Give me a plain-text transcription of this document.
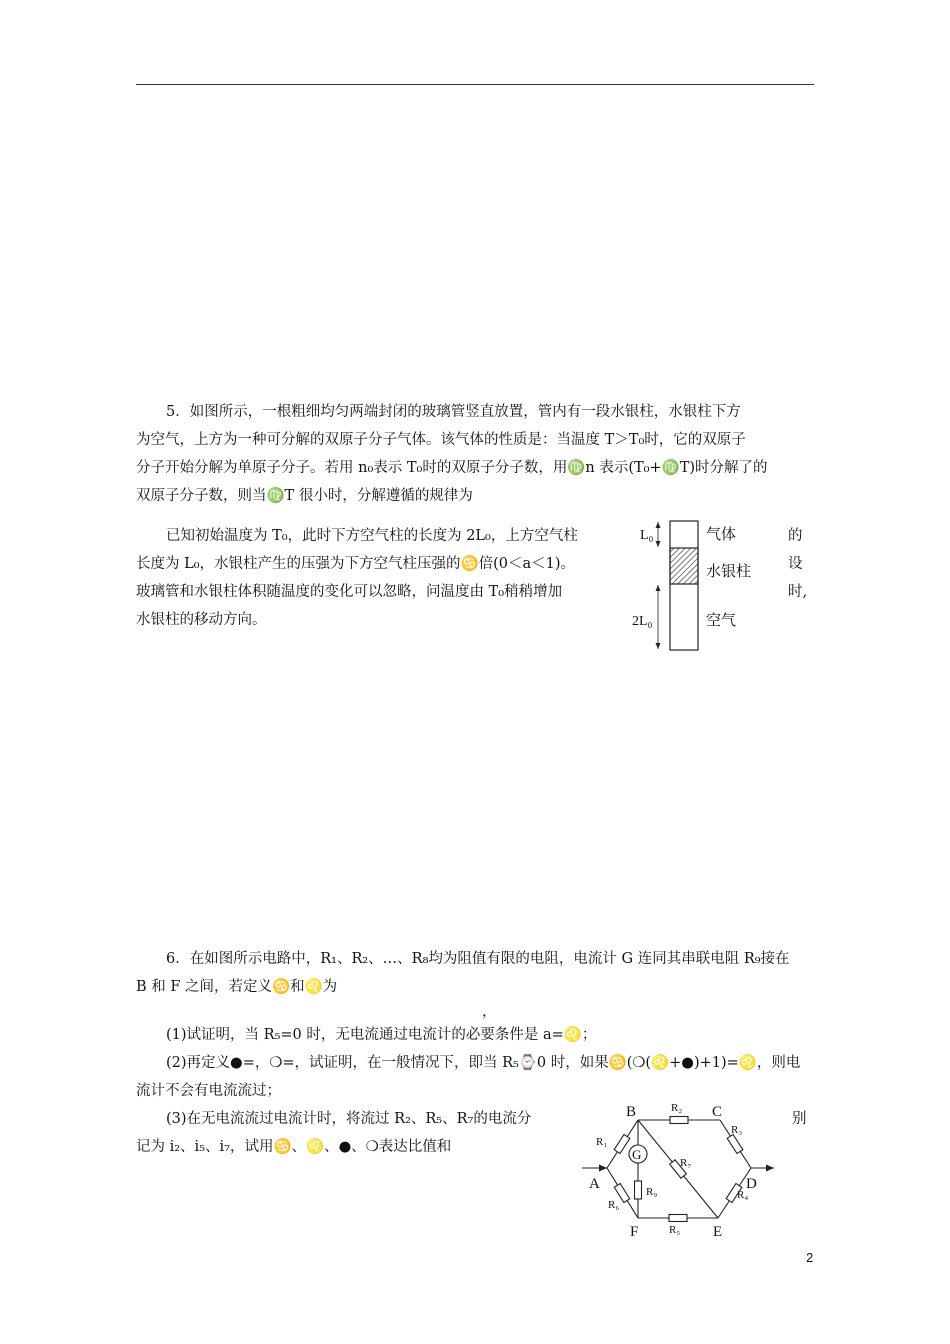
5．如图所示，一根粗细均匀两端封闭的玻璃管竖直放置，管内有一段水银柱，水银柱下方

为空气，上方为一种可分解的双原子分子气体。该气体的性质是：当温度 T＞T₀时，它的双原子

分子开始分解为单原子分子。若用 n₀表示 T₀时的双原子分子数，用♍n 表示(T₀+♍T)时分解了的

双原子分子数，则当♍T 很小时，分解遵循的规律为

已知初始温度为 T₀，此时下方空气柱的长度为 2L₀，上方空气柱

长度为 L₀，水银柱产生的压强为下方空气柱压强的♋倍(0＜a＜1)。

玻璃管和水银柱体积随温度的变化可以忽略，问温度由 T₀稍稍增加

水银柱的移动方向。

的

设

时,

L₀
2L₀
气体
水银柱
空气

6．在如图所示电路中，R₁、R₂、…、R₈均为阻值有限的电阻，电流计 G 连同其串联电阻 R₉接在

B 和 F 之间，若定义♋和♌为

，

(1)试证明，当 R₅=0 时，无电流通过电流计的必要条件是 a=♌；

(2)再定义●=，❍=，试证明，在一般情况下，即当 R₅⌚0 时，如果♋(❍(♌+●)+1)=♌，则电

流计不会有电流流过；

(3)在无电流流过电流计时，将流过 R₂、R₅、R₇的电流分	别

记为 i₂、i₅、i₇，试用♋、♌、●、❍表达比值和

A
B	C
D
E
F
G
R₁
R₂
R₃
R₄
R₅
R₆
R₇
R₉
2
